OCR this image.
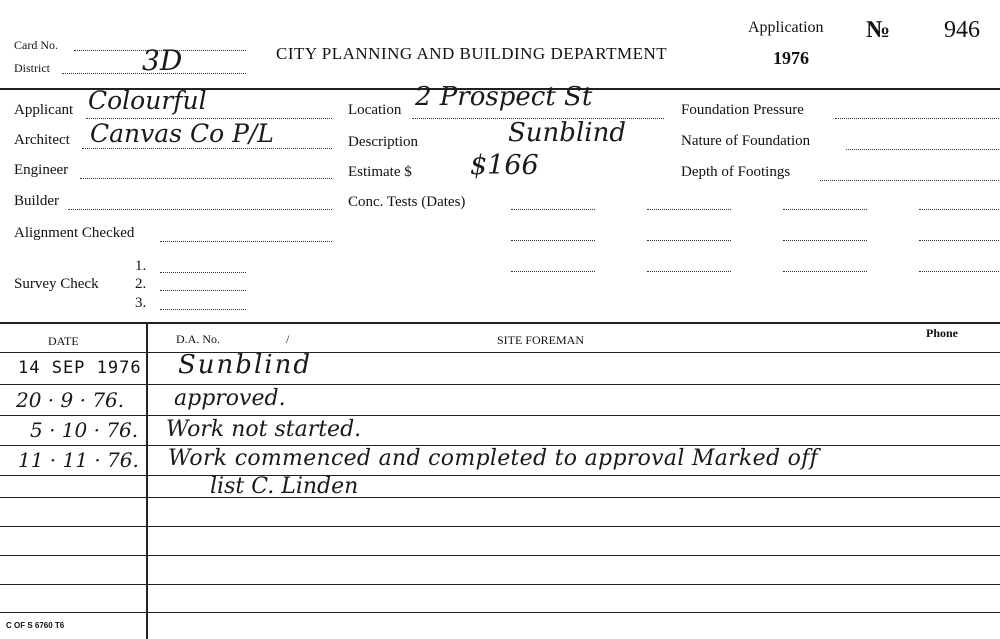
Card No.
District	3D	CITY PLANNING AND BUILDING DEPARTMENT
Application
1976
№ 946
Applicant Colourful
Architect Canvas Co P/L
Engineer
Builder
Alignment Checked
Survey Check
1.
2.
3.
Location 2 Prospect St
Description	Sunblind
Estimate $ $166
Conc. Tests (Dates)
Foundation Pressure
Nature of Foundation
Depth of Footings
DATE	D.A. No.	/	SITE FOREMAN	Phone
14 SEP 1976 Sunblind
20 · 9 · 76. approved.
5 · 10 · 76. Work not started.
11 · 11 · 76. Work commenced and completed to approval Marked off
list C. Linden
C OF S 6760 T6
